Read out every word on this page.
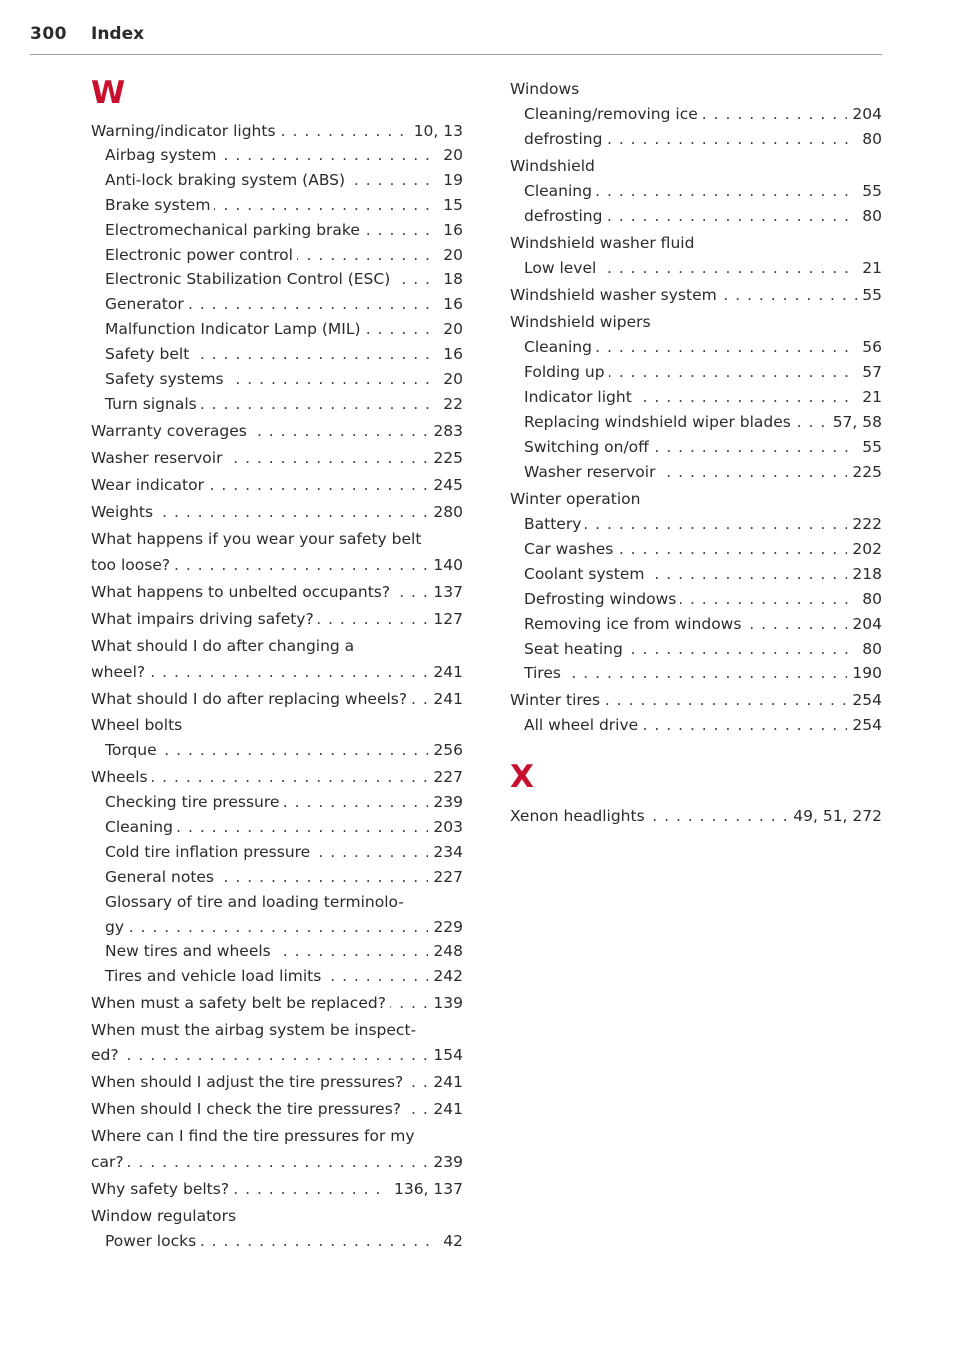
300 Index
W
. . . Warning/indicator lights	10, 13
. . . Airbag system	20
. . . Anti-lock braking system (ABS)	19
. . . Brake system	15
. . . Electromechanical parking brake	16
. . . Electronic power control	20
. . . Electronic Stabilization Control (ESC)	18
. . . Generator	16
. . . Malfunction Indicator Lamp (MIL)	20
. . . Safety belt	16
. . . Safety systems	20
. . . Turn signals	22
. . . Warranty coverages	283
. . . Washer reservoir	225
. . . Wear indicator	245
. . . Weights	280
What happens if you wear your safety belt
. . . too loose?	140
. . . What happens to unbelted occupants?	137
. . . What impairs driving safety?	127
What should I do after changing a
. . . wheel?	241
. . . What should I do after replacing wheels?	241
Wheel bolts
. . . Torque	256
. . . Wheels	227
. . . Checking tire pressure	239
. . . Cleaning	203
. . . Cold tire inflation pressure	234
. . . General notes	227
Glossary of tire and loading terminolo-
. . . gy	229
. . . New tires and wheels	248
. . . Tires and vehicle load limits	242
. . . When must a safety belt be replaced?	139
When must the airbag system be inspect-
. . . ed?	154
. . . When should I adjust the tire pressures?	241
. . . When should I check the tire pressures?	241
Where can I find the tire pressures for my
. . . car?	239
. . . Why safety belts?	136, 137
Window regulators
. . . Power locks	42
Windows
. . . Cleaning/removing ice	204
. . . defrosting	80
Windshield
. . . Cleaning	55
. . . defrosting	80
Windshield washer fluid
. . . Low level	21
. . . Windshield washer system	55
Windshield wipers
. . . Cleaning	56
. . . Folding up	57
. . . Indicator light	21
. . . Replacing windshield wiper blades	57, 58
. . . Switching on/off	55
. . . Washer reservoir	225
Winter operation
. . . Battery	222
. . . Car washes	202
. . . Coolant system	218
. . . Defrosting windows	80
. . . Removing ice from windows	204
. . . Seat heating	80
. . . Tires	190
. . . Winter tires	254
. . . All wheel drive	254
X
. . . Xenon headlights	49, 51, 272
